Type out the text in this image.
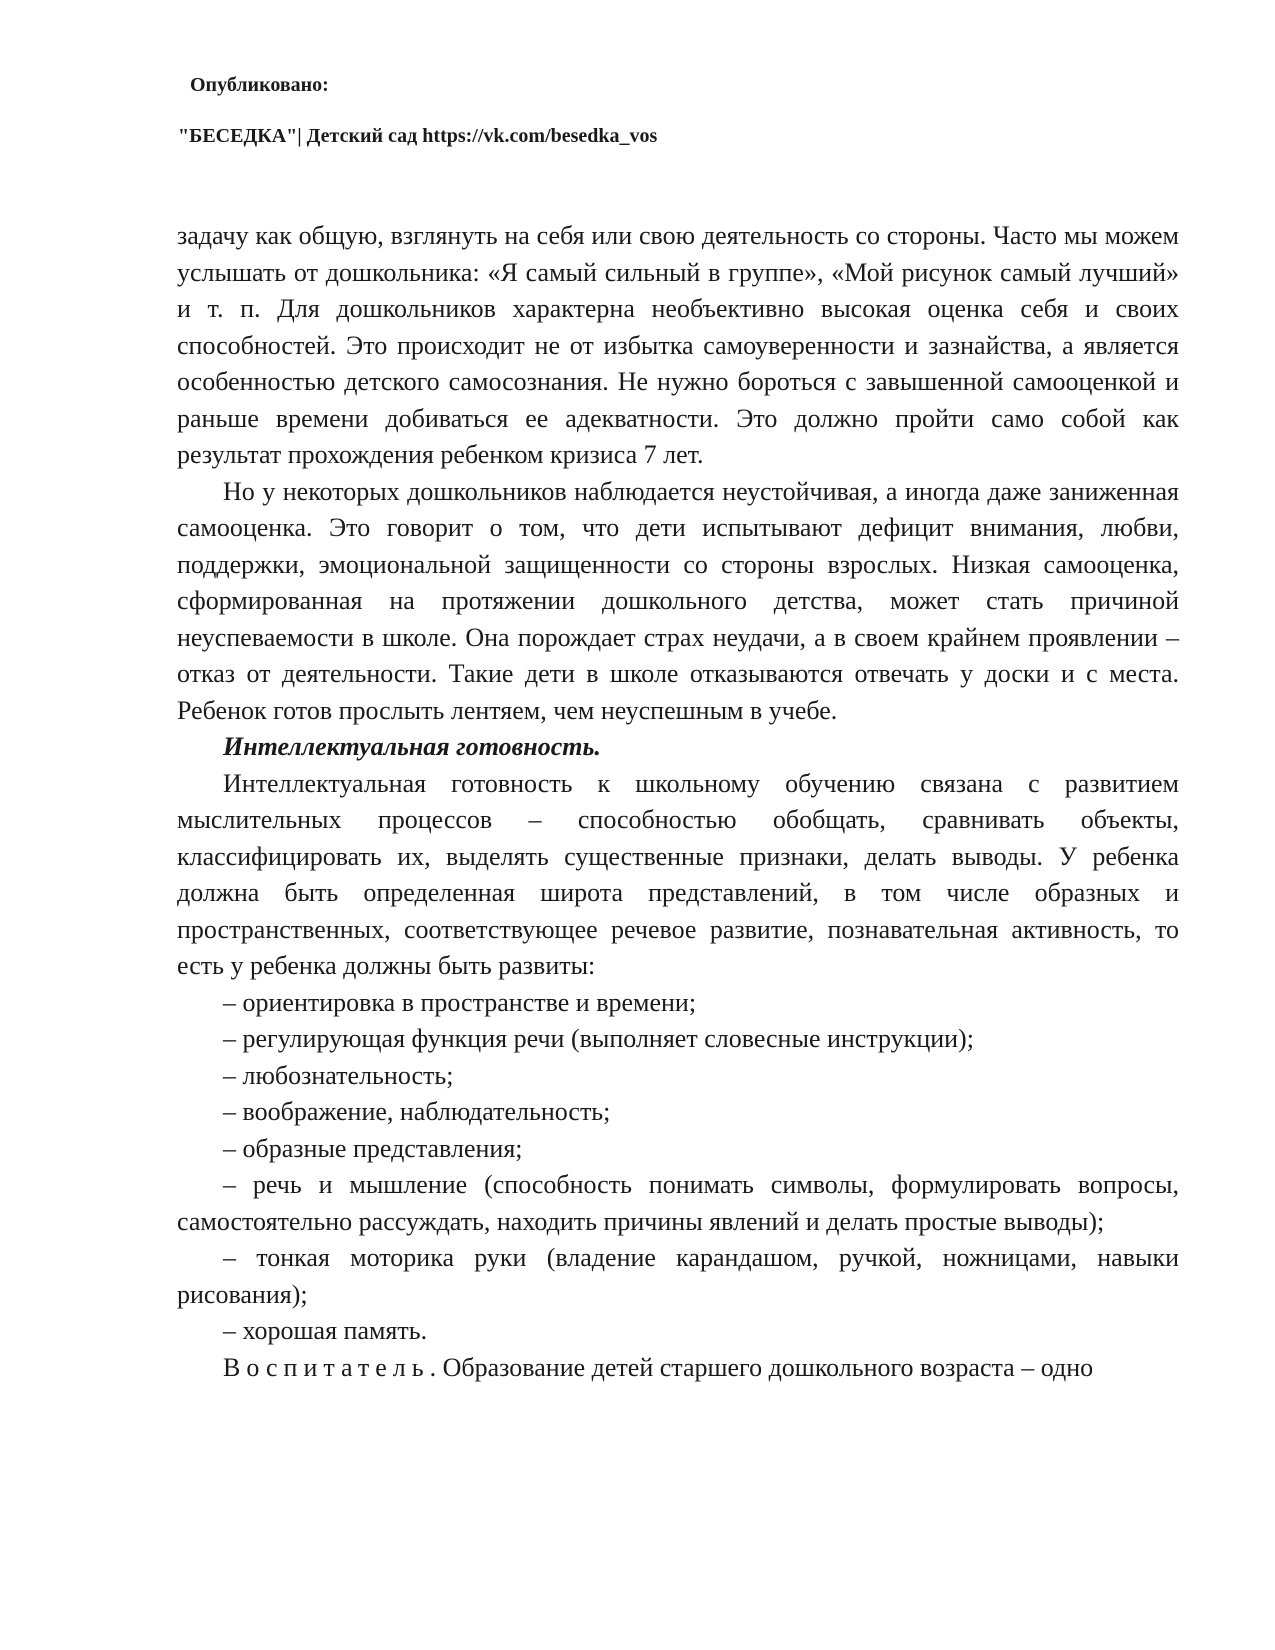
Опубликовано:

"БЕСЕДКА"| Детский сад https://vk.com/besedka_vos

задачу как общую, взглянуть на себя или свою деятельность со стороны. Часто мы можем услышать от дошкольника: «Я самый сильный в группе», «Мой рисунок самый лучший» и т. п. Для дошкольников характерна необъективно высокая оценка себя и своих способностей. Это происходит не от избытка самоуверенности и зазнайства, а является особенностью детского самосознания. Не нужно бороться с завышенной самооценкой и раньше времени добиваться ее адекватности. Это должно пройти само собой как результат прохождения ребенком кризиса 7 лет.

Но у некоторых дошкольников наблюдается неустойчивая, а иногда даже заниженная самооценка. Это говорит о том, что дети испытывают дефицит внимания, любви, поддержки, эмоциональной защищенности со стороны взрослых. Низкая самооценка, сформированная на протяжении дошкольного детства, может стать причиной неуспеваемости в школе. Она порождает страх неудачи, а в своем крайнем проявлении – отказ от деятельности. Такие дети в школе отказываются отвечать у доски и с места. Ребенок готов прослыть лентяем, чем неуспешным в учебе.

Интеллектуальная готовность.

Интеллектуальная готовность к школьному обучению связана с развитием мыслительных процессов – способностью обобщать, сравнивать объекты, классифицировать их, выделять существенные признаки, делать выводы. У ребенка должна быть определенная широта представлений, в том числе образных и пространственных, соответствующее речевое развитие, познавательная активность, то есть у ребенка должны быть развиты:

– ориентировка в пространстве и времени;

– регулирующая функция речи (выполняет словесные инструкции);

– любознательность;

– воображение, наблюдательность;

– образные представления;

– речь и мышление (способность понимать символы, формулировать вопросы, самостоятельно рассуждать, находить причины явлений и делать простые выводы);

– тонкая моторика руки (владение карандашом, ручкой, ножницами, навыки рисования);

– хорошая память.

Воспитатель. Образование детей старшего дошкольного возраста – одно
